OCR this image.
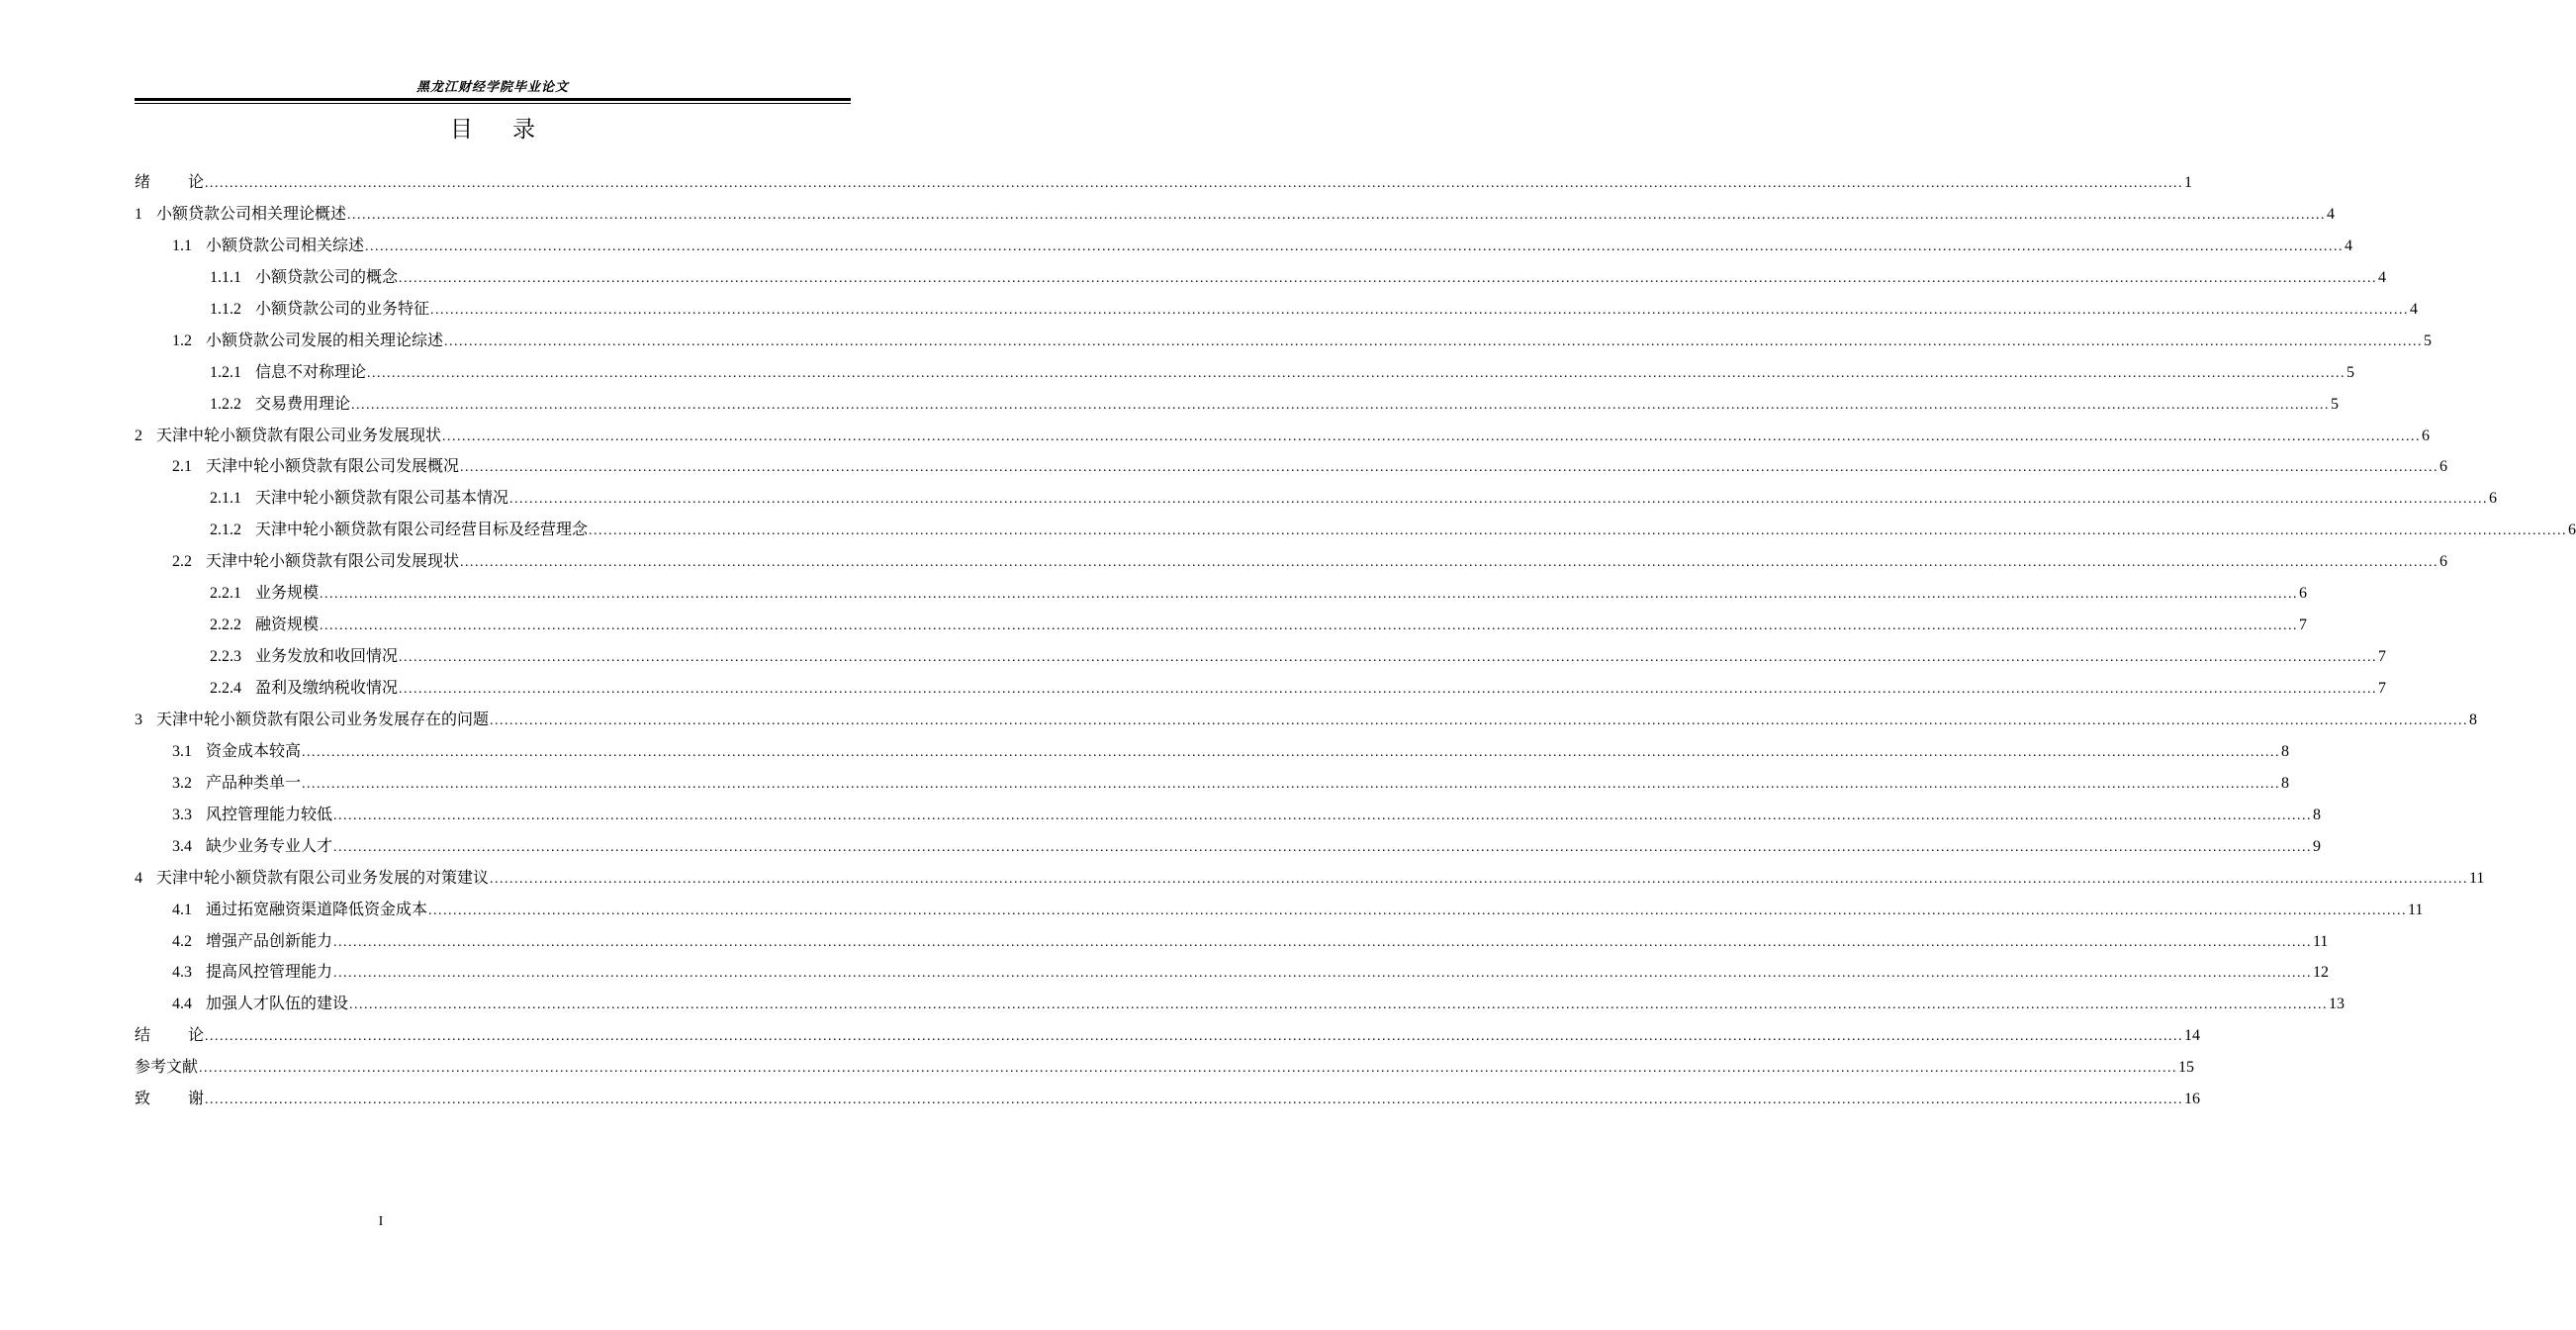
黑龙江财经学院毕业论文
目录
绪论 ................................................................................................................................................................................................................................................................................................................................................................................................................ 1
1 小额贷款公司相关理论概述 ................................................................................................................................................................................................................................................................................................................................................................................................................ 4
1.1 小额贷款公司相关综述 ................................................................................................................................................................................................................................................................................................................................................................................................................ 4
1.1.1 小额贷款公司的概念 ................................................................................................................................................................................................................................................................................................................................................................................................................ 4
1.1.2 小额贷款公司的业务特征 ................................................................................................................................................................................................................................................................................................................................................................................................................ 4
1.2 小额贷款公司发展的相关理论综述 ................................................................................................................................................................................................................................................................................................................................................................................................................ 5
1.2.1 信息不对称理论 ................................................................................................................................................................................................................................................................................................................................................................................................................ 5
1.2.2 交易费用理论 ................................................................................................................................................................................................................................................................................................................................................................................................................ 5
2 天津中轮小额贷款有限公司业务发展现状 ................................................................................................................................................................................................................................................................................................................................................................................................................ 6
2.1 天津中轮小额贷款有限公司发展概况 ................................................................................................................................................................................................................................................................................................................................................................................................................ 6
2.1.1 天津中轮小额贷款有限公司基本情况 ................................................................................................................................................................................................................................................................................................................................................................................................................ 6
2.1.2 天津中轮小额贷款有限公司经营目标及经营理念 ................................................................................................................................................................................................................................................................................................................................................................................................................ 6
2.2 天津中轮小额贷款有限公司发展现状 ................................................................................................................................................................................................................................................................................................................................................................................................................ 6
2.2.1 业务规模 ................................................................................................................................................................................................................................................................................................................................................................................................................ 6
2.2.2 融资规模 ................................................................................................................................................................................................................................................................................................................................................................................................................ 7
2.2.3 业务发放和收回情况 ................................................................................................................................................................................................................................................................................................................................................................................................................ 7
2.2.4 盈利及缴纳税收情况 ................................................................................................................................................................................................................................................................................................................................................................................................................ 7
3 天津中轮小额贷款有限公司业务发展存在的问题 ................................................................................................................................................................................................................................................................................................................................................................................................................ 8
3.1 资金成本较高 ................................................................................................................................................................................................................................................................................................................................................................................................................ 8
3.2 产品种类单一 ................................................................................................................................................................................................................................................................................................................................................................................................................ 8
3.3 风控管理能力较低 ................................................................................................................................................................................................................................................................................................................................................................................................................ 8
3.4 缺少业务专业人才 ................................................................................................................................................................................................................................................................................................................................................................................................................ 9
4 天津中轮小额贷款有限公司业务发展的对策建议 ................................................................................................................................................................................................................................................................................................................................................................................................................ 11
4.1 通过拓宽融资渠道降低资金成本 ................................................................................................................................................................................................................................................................................................................................................................................................................ 11
4.2 增强产品创新能力 ................................................................................................................................................................................................................................................................................................................................................................................................................ 11
4.3 提高风控管理能力 ................................................................................................................................................................................................................................................................................................................................................................................................................ 12
4.4 加强人才队伍的建设 ................................................................................................................................................................................................................................................................................................................................................................................................................ 13
结论 ................................................................................................................................................................................................................................................................................................................................................................................................................ 14
参考文献 ................................................................................................................................................................................................................................................................................................................................................................................................................ 15
致谢 ................................................................................................................................................................................................................................................................................................................................................................................................................ 16
I
